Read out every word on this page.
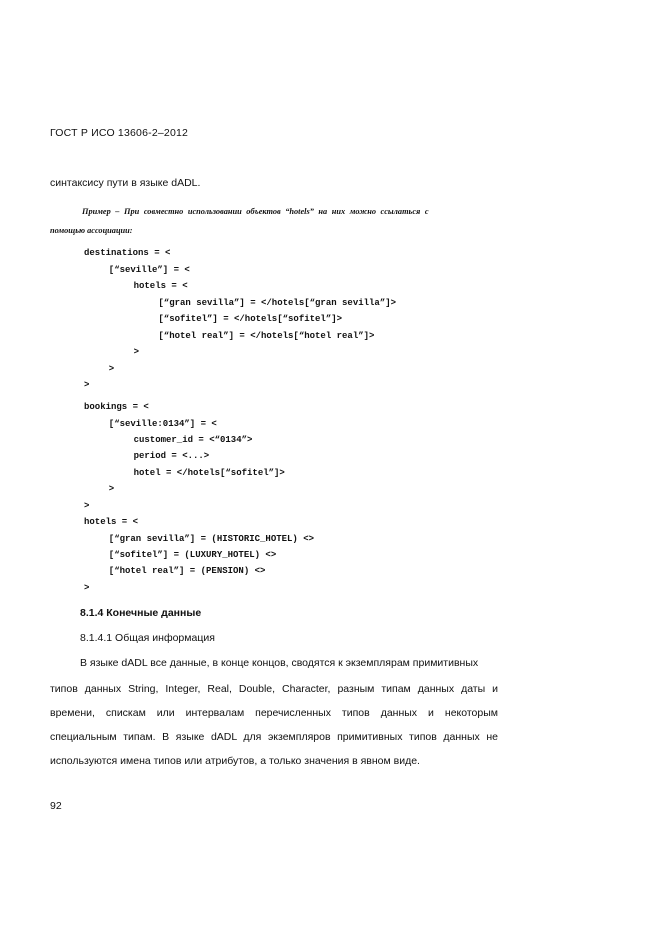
ГОСТ Р ИСО 13606-2–2012
синтаксису пути в языке dADL.
Пример – При совместно использовании объектов “hotels” на них можно ссылаться с
помощью ассоциации:
destinations = <
[“seville”] = <
hotels = <
[“gran sevilla”] = </hotels[“gran sevilla”]>
[“sofitel”] = </hotels[“sofitel”]>
[“hotel real”] = </hotels[“hotel real”]>
>
>
>
bookings = <
[“seville:0134”] = <
customer_id = <“0134”>
period = <...>
hotel = </hotels[“sofitel”]>
>
>
hotels = <
[“gran sevilla”] = (HISTORIC_HOTEL) <>
[“sofitel”] = (LUXURY_HOTEL) <>
[“hotel real”] = (PENSION) <>
>
8.1.4 Конечные данные
8.1.4.1 Общая информация
В языке dADL все данные, в конце концов, сводятся к экземплярам примитивных
типов данных String, Integer, Real, Double, Character, разным типам данных даты и
времени, спискам или интервалам перечисленных типов данных и некоторым
специальным типам. В языке dADL для экземпляров примитивных типов данных не
используются имена типов или атрибутов, а только значения в явном виде.
92
